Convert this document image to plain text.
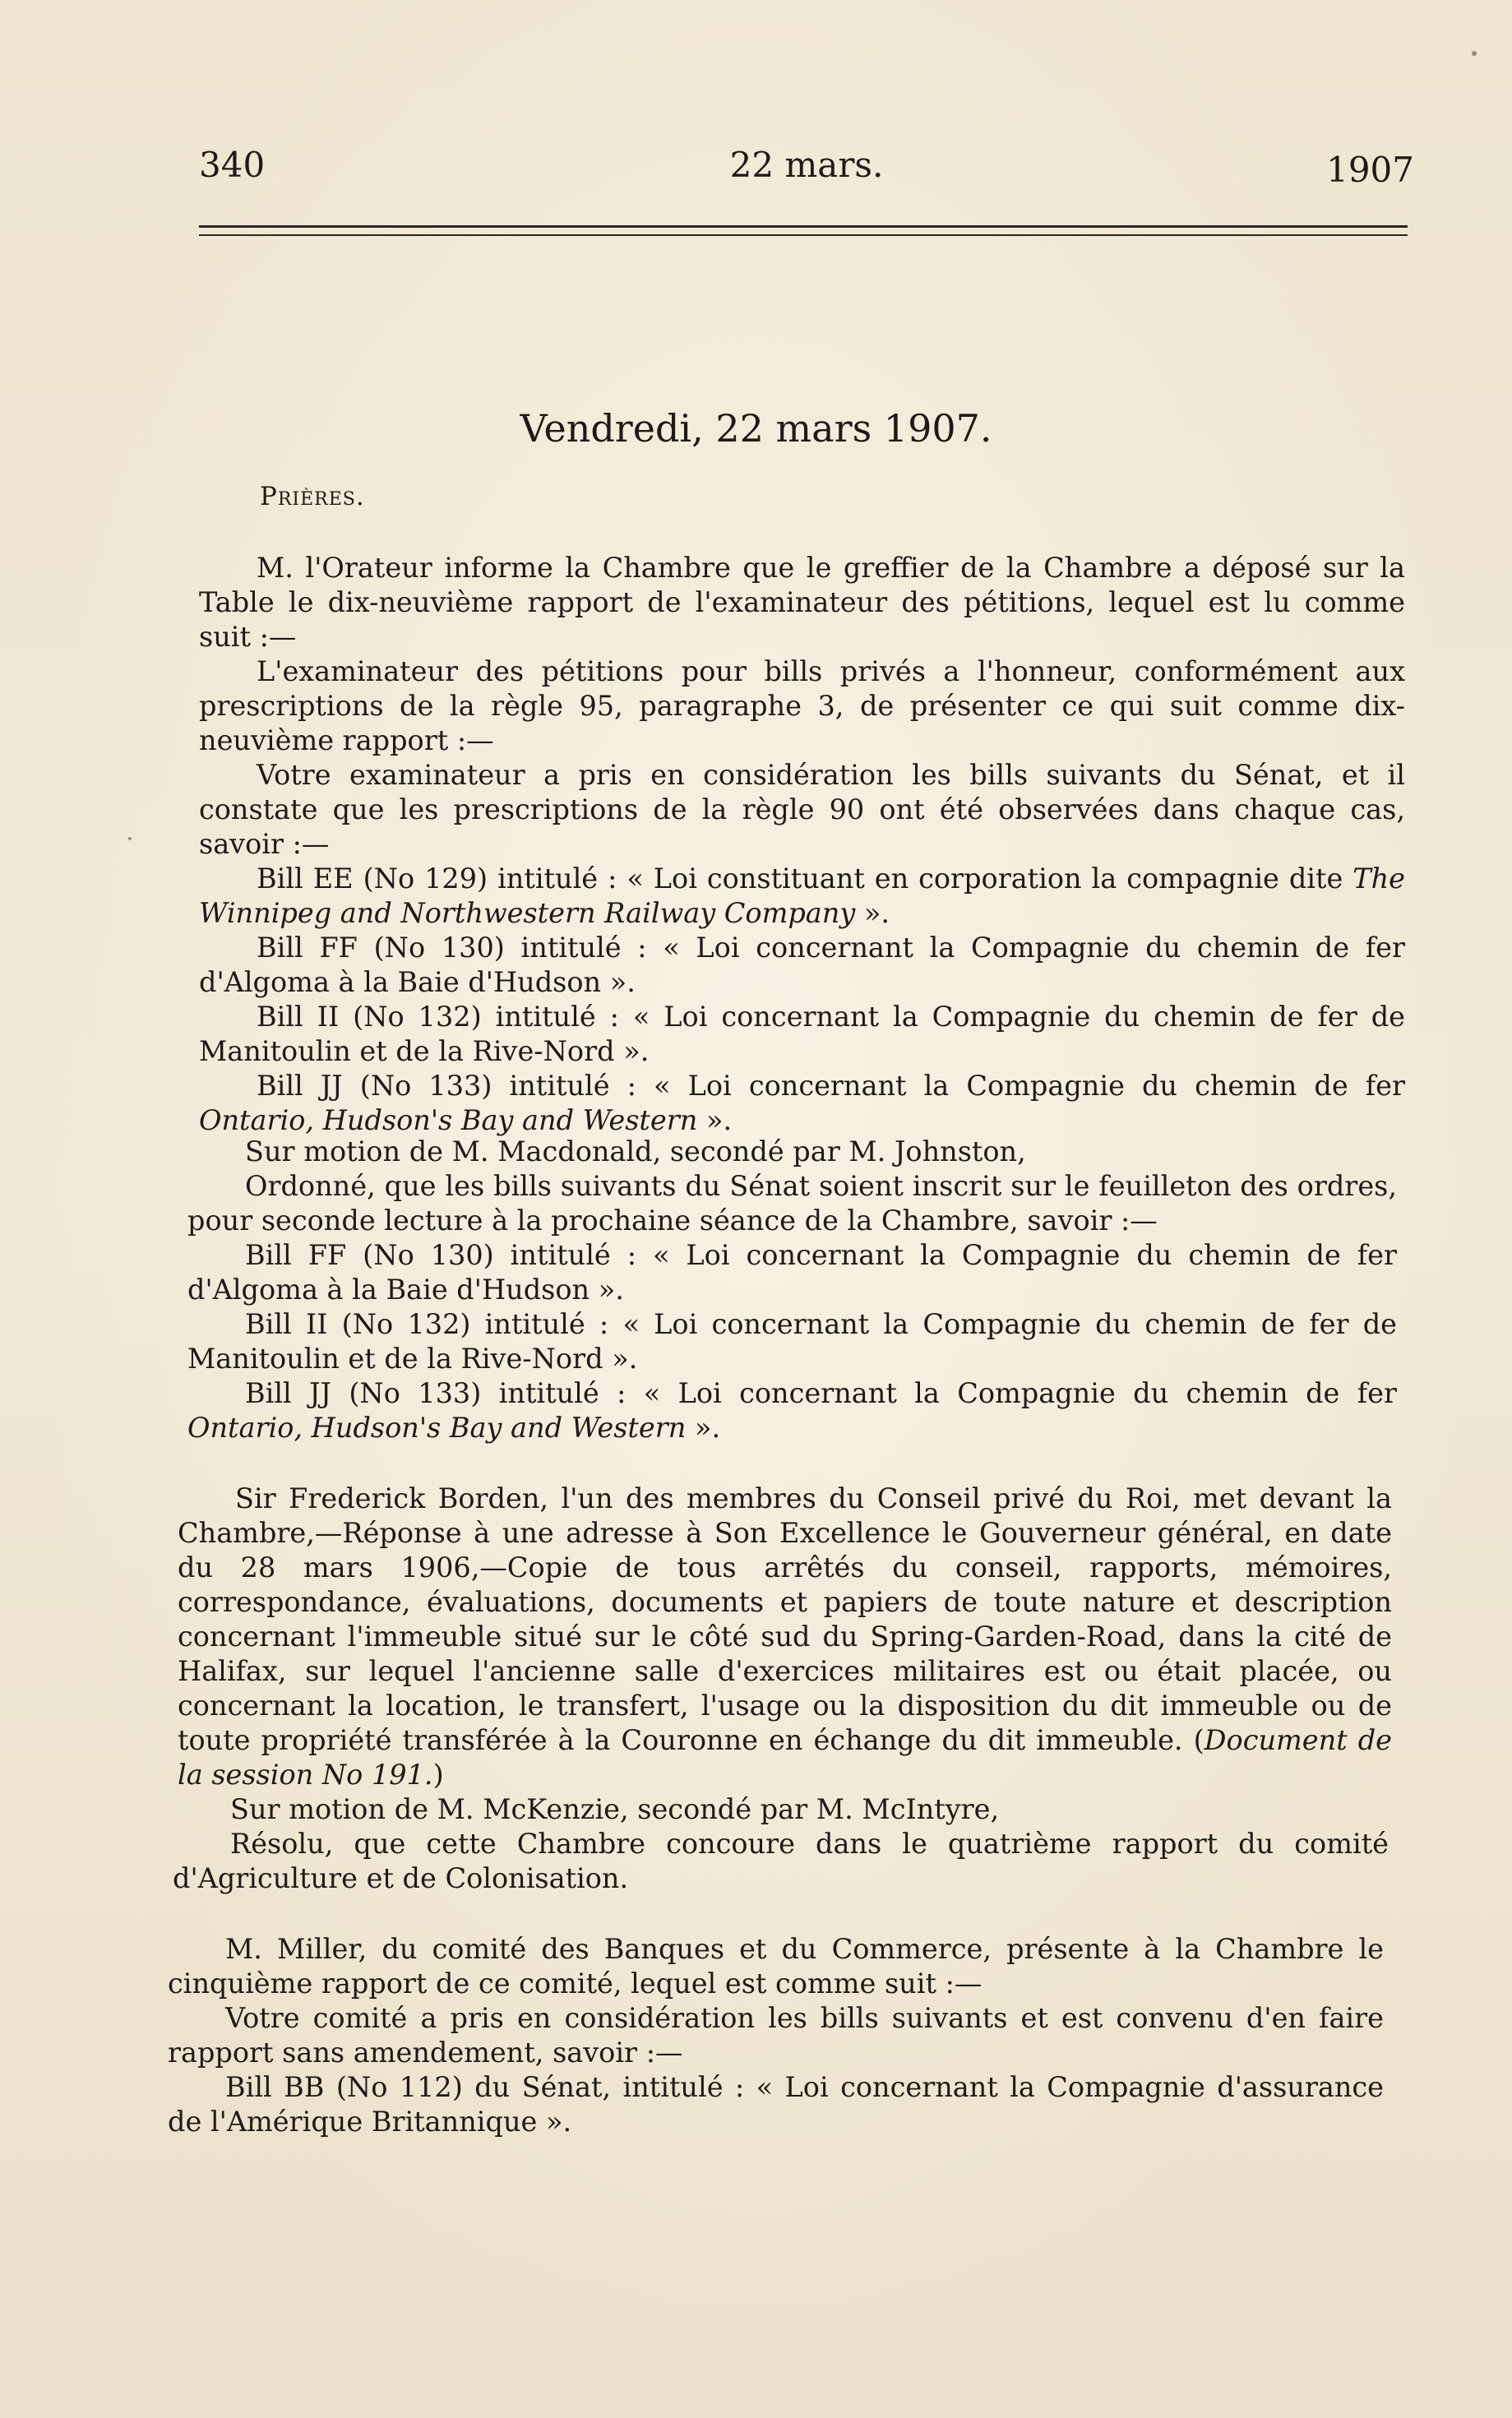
340	22 mars.	1907
Vendredi, 22 mars 1907.
Prières.

M. l'Orateur informe la Chambre que le greffier de la Chambre a déposé sur la Table le dix-neuvième rapport de l'examinateur des pétitions, lequel est lu comme suit :—

L'examinateur des pétitions pour bills privés a l'honneur, conformément aux prescriptions de la règle 95, paragraphe 3, de présenter ce qui suit comme dix-neuvième rapport :—

Votre examinateur a pris en considération les bills suivants du Sénat, et il constate que les prescriptions de la règle 90 ont été observées dans chaque cas, savoir :—

Bill EE (No 129) intitulé : « Loi constituant en corporation la compagnie dite The Winnipeg and Northwestern Railway Company ».

Bill FF (No 130) intitulé : « Loi concernant la Compagnie du chemin de fer d'Algoma à la Baie d'Hudson ».

Bill II (No 132) intitulé : « Loi concernant la Compagnie du chemin de fer de Manitoulin et de la Rive-Nord ».

Bill JJ (No 133) intitulé : « Loi concernant la Compagnie du chemin de fer Ontario, Hudson's Bay and Western ».

Sur motion de M. Macdonald, secondé par M. Johnston,

Ordonné, que les bills suivants du Sénat soient inscrit sur le feuilleton des ordres, pour seconde lecture à la prochaine séance de la Chambre, savoir :—

Bill FF (No 130) intitulé : « Loi concernant la Compagnie du chemin de fer d'Algoma à la Baie d'Hudson ».

Bill II (No 132) intitulé : « Loi concernant la Compagnie du chemin de fer de Manitoulin et de la Rive-Nord ».

Bill JJ (No 133) intitulé : « Loi concernant la Compagnie du chemin de fer Ontario, Hudson's Bay and Western ».

Sir Frederick Borden, l'un des membres du Conseil privé du Roi, met devant la Chambre,—Réponse à une adresse à Son Excellence le Gouverneur général, en date du 28 mars 1906,—Copie de tous arrêtés du conseil, rapports, mémoires, correspondance, évaluations, documents et papiers de toute nature et description concernant l'immeuble situé sur le côté sud du Spring-Garden-Road, dans la cité de Halifax, sur lequel l'ancienne salle d'exercices militaires est ou était placée, ou concernant la location, le transfert, l'usage ou la disposition du dit immeuble ou de toute propriété transférée à la Couronne en échange du dit immeuble. (Document de la session No 191.)

Sur motion de M. McKenzie, secondé par M. McIntyre,

Résolu, que cette Chambre concoure dans le quatrième rapport du comité d'Agriculture et de Colonisation.

M. Miller, du comité des Banques et du Commerce, présente à la Chambre le cinquième rapport de ce comité, lequel est comme suit :—

Votre comité a pris en considération les bills suivants et est convenu d'en faire rapport sans amendement, savoir :—

Bill BB (No 112) du Sénat, intitulé : « Loi concernant la Compagnie d'assurance de l'Amérique Britannique ».
